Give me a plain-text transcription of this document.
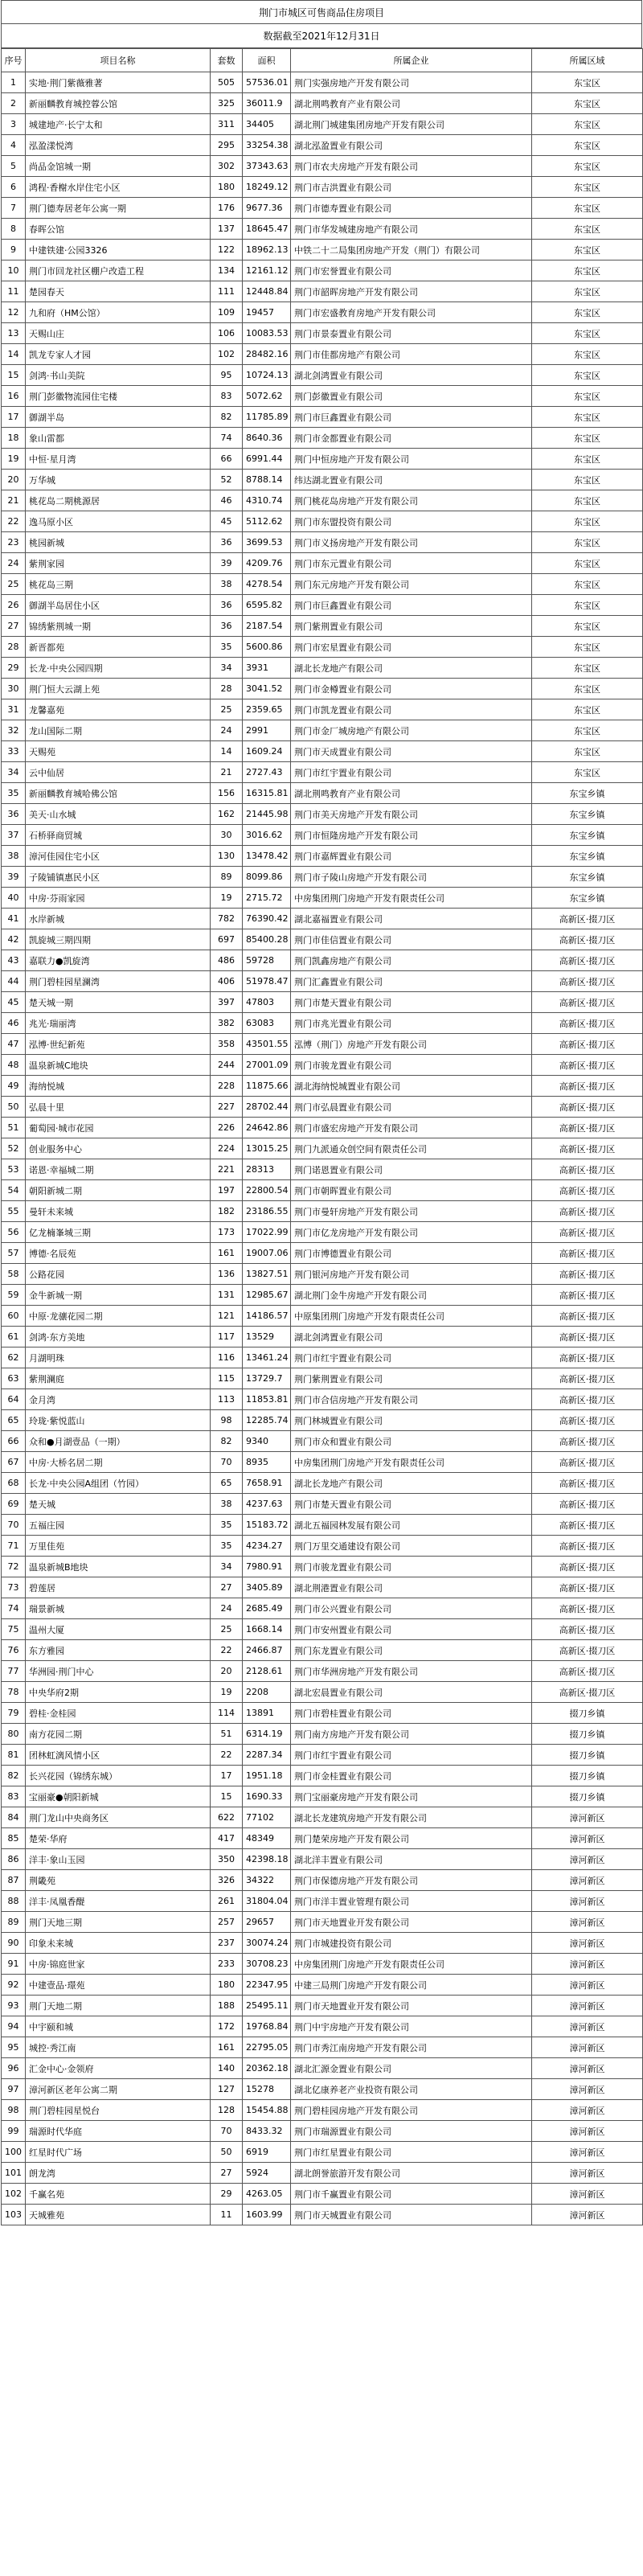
荆门市城区可售商品住房项目
数据截至2021年12月31日
序号	项目名称	套数	面积	所属企业	所属区域
1	实地·荆门紫薇雅著	505	57536.01	荆门实强房地产开发有限公司	东宝区
2	新丽麟教育城控蓉公馆	325	36011.9	湖北荆鸣教育产业有限公司	东宝区
3	城建地产·长宁太和	311	34405	湖北荆门城建集团房地产开发有限公司	东宝区
4	泓盈漾悦湾	295	33254.38	湖北泓盈置业有限公司	东宝区
5	尚品金馆城一期	302	37343.63	荆门市农夫房地产开发有限公司	东宝区
6	鸿程·香榭水岸住宅小区	180	18249.12	荆门市吉洪置业有限公司	东宝区
7	荆门德寿居老年公寓一期	176	9677.36	荆门市德寿置业有限公司	东宝区
8	春晖公馆	137	18645.47	荆门市华发城建房地产有限公司	东宝区
9	中建铁建·公园3326	122	18962.13	中铁二十二局集团房地产开发（荆门）有限公司	东宝区
10	荆门市回龙社区棚户改造工程	134	12161.12	荆门市宏誉置业有限公司	东宝区
11	楚园春天	111	12448.84	荆门市韶晖房地产开发有限公司	东宝区
12	九和府（HM公馆）	109	19457	荆门市宏盛教育房地产开发有限公司	东宝区
13	天赐山庄	106	10083.53	荆门市景泰置业有限公司	东宝区
14	凯龙专家人才园	102	28482.16	荆门市佳都房地产有限公司	东宝区
15	剑鸿·书山美院	95	10724.13	湖北剑鸿置业有限公司	东宝区
16	荆门彭徽物流园住宅楼	83	5072.62	荆门彭徽置业有限公司	东宝区
17	御湖半岛	82	11785.89	荆门市巨鑫置业有限公司	东宝区
18	象山雷都	74	8640.36	荆门市金都置业有限公司	东宝区
19	中恒·星月湾	66	6991.44	荆门中恒房地产开发有限公司	东宝区
20	万华城	52	8788.14	纬达湖北置业有限公司	东宝区
21	桃花岛二期桃源居	46	4310.74	荆门桃花岛房地产开发有限公司	东宝区
22	逸马原小区	45	5112.62	荆门市东盟投资有限公司	东宝区
23	桃园新城	36	3699.53	荆门市义扬房地产开发有限公司	东宝区
24	紫荆家园	39	4209.76	荆门市东元置业有限公司	东宝区
25	桃花岛三期	38	4278.54	荆门东元房地产开发有限公司	东宝区
26	御湖半岛居住小区	36	6595.82	荆门市巨鑫置业有限公司	东宝区
27	锦绣紫荆城一期	36	2187.54	荆门紫荆置业有限公司	东宝区
28	新晋都苑	35	5600.86	荆门市宏星置业有限公司	东宝区
29	长龙·中央公园四期	34	3931	湖北长龙地产有限公司	东宝区
30	荆门恒大云湖上苑	28	3041.52	荆门市金樽置业有限公司	东宝区
31	龙馨嘉苑	25	2359.65	荆门市凯龙置业有限公司	东宝区
32	龙山国际二期	24	2991	荆门市金厂城房地产有限公司	东宝区
33	天赐苑	14	1609.24	荆门市天成置业有限公司	东宝区
34	云中仙居	21	2727.43	荆门市红宇置业有限公司	东宝区
35	新丽麟教育城哈佛公馆	156	16315.81	湖北荆鸣教育产业有限公司	东宝乡镇
36	美天·山水城	162	21445.98	荆门市美天房地产开发有限公司	东宝乡镇
37	石桥驿商贸城	30	3016.62	荆门市恒隆房地产开发有限公司	东宝乡镇
38	漳河佳园住宅小区	130	13478.42	荆门市嘉辉置业有限公司	东宝乡镇
39	子陵铺镇惠民小区	89	8099.86	荆门市子陵山房地产开发有限公司	东宝乡镇
40	中房·芬雨家园	19	2715.72	中房集团荆门房地产开发有限责任公司	东宝乡镇
41	水岸新城	782	76390.42	湖北嘉福置业有限公司	高新区·掇刀区
42	凯旋城三期四期	697	85400.28	荆门市佳信置业有限公司	高新区·掇刀区
43	嘉联力●凯旋湾	486	59728	荆门凯鑫房地产有限公司	高新区·掇刀区
44	荆门碧桂园星澜湾	406	51978.47	荆门汇鑫置业有限公司	高新区·掇刀区
45	楚天城一期	397	47803	荆门市楚天置业有限公司	高新区·掇刀区
46	兆光·瑞丽湾	382	63083	荆门市兆光置业有限公司	高新区·掇刀区
47	泓博·世纪新苑	358	43501.55	泓博（荆门）房地产开发有限公司	高新区·掇刀区
48	温泉新城C地块	244	27001.09	荆门市骏龙置业有限公司	高新区·掇刀区
49	海纳悦城	228	11875.66	湖北海纳悦城置业有限公司	高新区·掇刀区
50	弘晨十里	227	28702.44	荆门市弘晨置业有限公司	高新区·掇刀区
51	葡萄园·城市花园	226	24642.86	荆门市盛宏房地产开发有限公司	高新区·掇刀区
52	创业服务中心	224	13015.25	荆门九派通众创空间有限责任公司	高新区·掇刀区
53	诺恩·幸福城二期	221	28313	荆门诺恩置业有限公司	高新区·掇刀区
54	朝阳新城二期	197	22800.54	荆门市朝晖置业有限公司	高新区·掇刀区
55	曼轩未来城	182	23186.55	荆门市曼轩房地产开发有限公司	高新区·掇刀区
56	亿龙楠峯城三期	173	17022.99	荆门市亿龙房地产开发有限公司	高新区·掇刀区
57	博德·名辰苑	161	19007.06	荆门市博德置业有限公司	高新区·掇刀区
58	公路花园	136	13827.51	荆门银河房地产开发有限公司	高新区·掇刀区
59	金牛新城一期	131	12985.67	湖北荆门金牛房地产开发有限公司	高新区·掇刀区
60	中原·龙骧花园二期	121	14186.57	中原集团荆门房地产开发有限责任公司	高新区·掇刀区
61	剑鸿·东方美地	117	13529	湖北剑鸿置业有限公司	高新区·掇刀区
62	月湖明珠	116	13461.24	荆门市红宇置业有限公司	高新区·掇刀区
63	紫荆澜庭	115	13729.7	荆门紫荆置业有限公司	高新区·掇刀区
64	金月湾	113	11853.81	荆门市合信房地产开发有限公司	高新区·掇刀区
65	玲珑·紫悦蓝山	98	12285.74	荆门林城置业有限公司	高新区·掇刀区
66	众和●月湖壹品（一期）	82	9340	荆门市众和置业有限公司	高新区·掇刀区
67	中房·大桥名居二期	70	8935	中房集团荆门房地产开发有限责任公司	高新区·掇刀区
68	长龙·中央公园A组团（竹园）	65	7658.91	湖北长龙地产有限公司	高新区·掇刀区
69	楚天城	38	4237.63	荆门市楚天置业有限公司	高新区·掇刀区
70	五福庄园	35	15183.72	湖北五福园林发展有限公司	高新区·掇刀区
71	万里佳苑	35	4234.27	荆门万里交通建设有限公司	高新区·掇刀区
72	温泉新城B地块	34	7980.91	荆门市骏龙置业有限公司	高新区·掇刀区
73	碧莲居	27	3405.89	湖北荆港置业有限公司	高新区·掇刀区
74	瑞景新城	24	2685.49	荆门市公兴置业有限公司	高新区·掇刀区
75	温州大厦	25	1668.14	荆门市安州置业有限公司	高新区·掇刀区
76	东方雅园	22	2466.87	荆门东龙置业有限公司	高新区·掇刀区
77	华洲园·荆门中心	20	2128.61	荆门市华洲房地产开发有限公司	高新区·掇刀区
78	中央华府2期	19	2208	湖北宏晨置业有限公司	高新区·掇刀区
79	碧桂·金桂园	114	13891	荆门市碧桂置业有限公司	掇刀乡镇
80	南方花园二期	51	6314.19	荆门南方房地产开发有限公司	掇刀乡镇
81	团林虹漓风情小区	22	2287.34	荆门市红宇置业有限公司	掇刀乡镇
82	长兴花园（锦绣东城）	17	1951.18	荆门市金桂置业有限公司	掇刀乡镇
83	宝丽豪●朝阳新城	15	1690.33	荆门宝丽豪房地产开发有限公司	掇刀乡镇
84	荆门龙山中央商务区	622	77102	湖北长龙建筑房地产开发有限公司	漳河新区
85	楚荣·华府	417	48349	荆门楚荣房地产开发有限公司	漳河新区
86	洋丰·象山玉园	350	42398.18	湖北洋丰置业有限公司	漳河新区
87	荆畿苑	326	34322	荆门市保德房地产开发有限公司	漳河新区
88	洋丰·凤凰香醍	261	31804.04	荆门市洋丰置业管理有限公司	漳河新区
89	荆门天地三期	257	29657	荆门市天地置业开发有限公司	漳河新区
90	印象未来城	237	30074.24	荆门市城建投资有限公司	漳河新区
91	中房·锦庭世家	233	30708.23	中房集团荆门房地产开发有限责任公司	漳河新区
92	中建壹品·璟苑	180	22347.95	中建三局荆门房地产开发有限公司	漳河新区
93	荆门天地二期	188	25495.11	荆门市天地置业开发有限公司	漳河新区
94	中宇颐和城	172	19768.84	荆门中宇房地产开发有限公司	漳河新区
95	城控·秀江南	161	22795.05	荆门市秀江南房地产开发有限公司	漳河新区
96	汇金中心·金领府	140	20362.18	湖北汇源金置业有限公司	漳河新区
97	漳河新区老年公寓二期	127	15278	湖北亿康养老产业投资有限公司	漳河新区
98	荆门碧桂园星悦台	128	15454.88	荆门碧桂园房地产开发有限公司	漳河新区
99	瑞源时代华庭	70	8433.32	荆门市瑞源置业有限公司	漳河新区
100	红星时代广场	50	6919	荆门市红星置业有限公司	漳河新区
101	朗龙湾	27	5924	湖北朗誉旅游开发有限公司	漳河新区
102	千赢名苑	29	4263.05	荆门市千赢置业有限公司	漳河新区
103	天城雅苑	11	1603.99	荆门市天城置业有限公司	漳河新区
